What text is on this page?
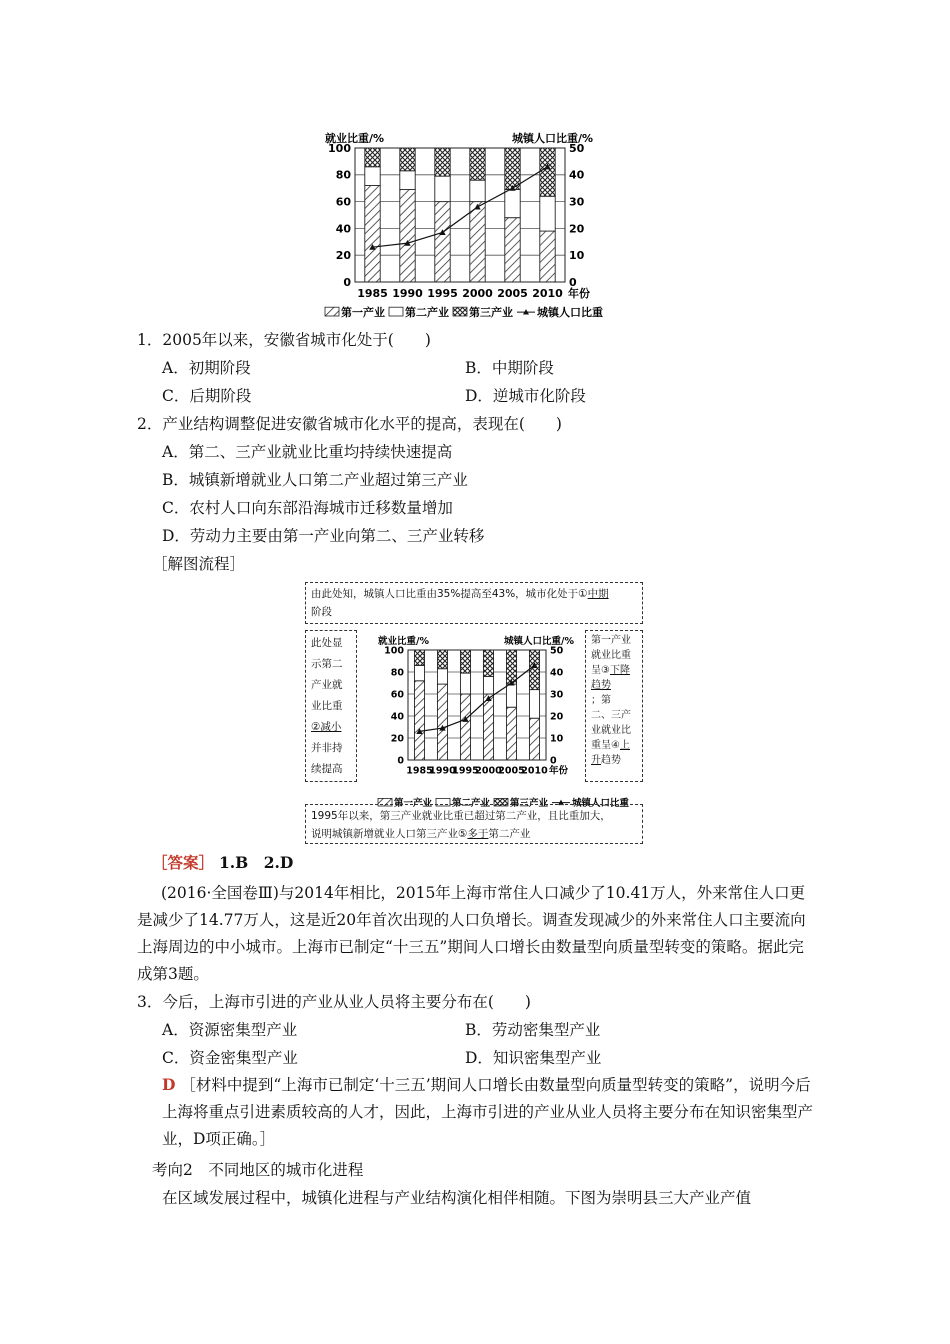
0
20
40
60
80
100
0
10
20
30
40
50
1985 1990 1995 2000 2005 2010
就业比重/%	城镇人口比重/%
年份
第一产业 第二产业 第三产业 城镇人口比重
1．2005年以来，安徽省城市化处于(　　)
A．初期阶段	B．中期阶段
C．后期阶段	D．逆城市化阶段
2．产业结构调整促进安徽省城市化水平的提高，表现在(　　)
A．第二、三产业就业比重均持续快速提高
B．城镇新增就业人口第二产业超过第三产业
C．农村人口向东部沿海城市迁移数量增加
D．劳动力主要由第一产业向第二、三产业转移
［解图流程］
由此处知，城镇人口比重由35%提高至43%，城市化处于①中期
阶段
此处显
示第二
产业就
业比重
②减小
并非持
续提高
第一产业
就业比重
呈③下降
趋势
；第
二、三产
业就业比
重呈④上
升趋势
0
20
40
60
80
100
0
10
20
30
40
50
1985
1990
1995
2000
2005
2010
就业比重/%	城镇人口比重/%
年份
第一产业 第二产业 第三产业	城镇人口比重
1995年以来，第三产业就业比重已超过第二产业，且比重加大，
说明城镇新增就业人口第三产业⑤多于第二产业
［答案］ 1.B　2.D
(2016·全国卷Ⅲ)与2014年相比，2015年上海市常住人口减少了10.41万人，外来常住人口更是减少了14.77万人，这是近20年首次出现的人口负增长。调查发现减少的外来常住人口主要流向上海周边的中小城市。上海市已制定“十三五”期间人口增长由数量型向质量型转变的策略。据此完成第3题。
3．今后，上海市引进的产业从业人员将主要分布在(　　)
A．资源密集型产业	B．劳动密集型产业
C．资金密集型产业	D．知识密集型产业
D ［材料中提到“上海市已制定‘十三五’期间人口增长由数量型向质量型转变的策略”，说明今后上海将重点引进素质较高的人才，因此，上海市引进的产业从业人员将主要分布在知识密集型产业，D项正确。］
考向2　不同地区的城市化进程
在区域发展过程中，城镇化进程与产业结构演化相伴相随。下图为崇明县三大产业产值
